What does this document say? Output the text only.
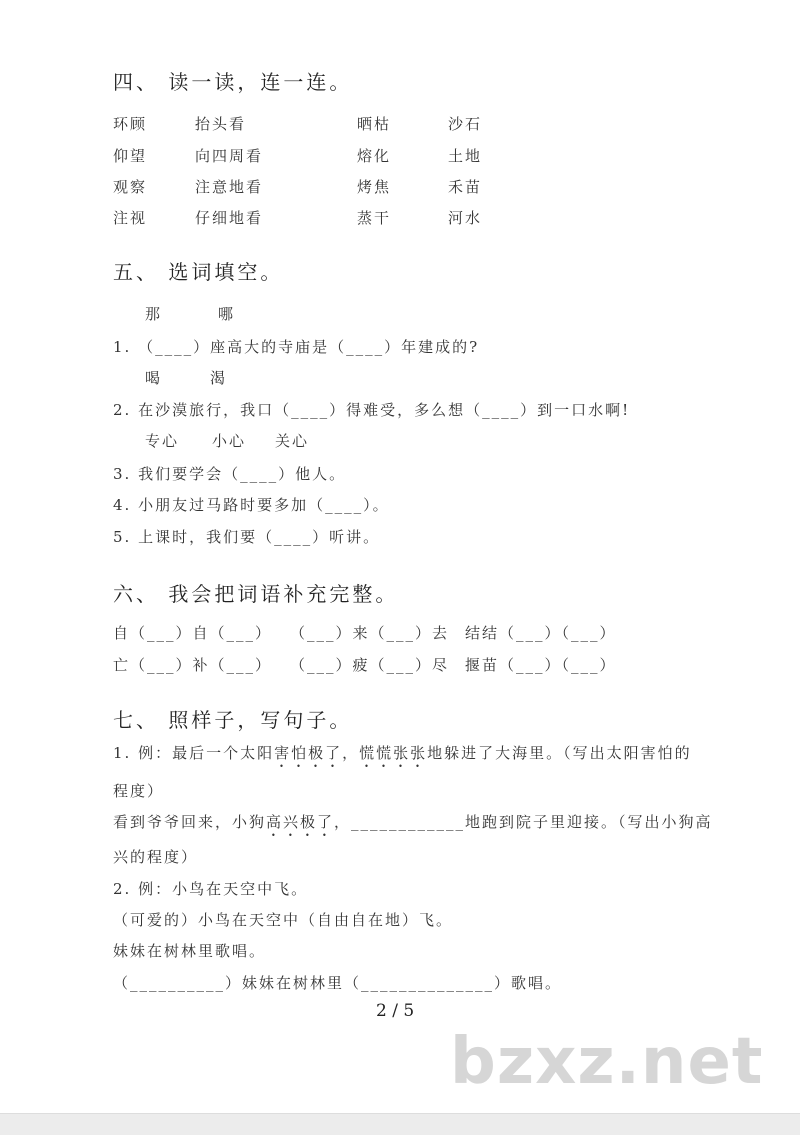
四、 读一读，连一连。
环顾	抬头看	晒枯	沙石
仰望	向四周看	熔化	土地
观察	注意地看	烤焦	禾苗
注视	仔细地看	蒸干	河水
五、 选词填空。
那	哪
1. （____）座高大的寺庙是（____）年建成的?
喝	渴
2. 在沙漠旅行，我口（____）得难受，多么想（____）到一口水啊!
专心 小心 关心
3. 我们要学会（____）他人。
4. 小朋友过马路时要多加（____）。
5. 上课时，我们要（____）听讲。
六、 我会把词语补充完整。
自（___）自（___） （___）来（___）去 结结（___）（___）
亡（___）补（___） （___）疲（___）尽 揠苗（___）（___）
七、 照样子，写句子。
1. 例：最后一个太阳害怕极了，慌慌张张地躲进了大海里。（写出太阳害怕的
程度）
看到爷爷回来，小狗高兴极了，____________地跑到院子里迎接。（写出小狗高
兴的程度）
2. 例：小鸟在天空中飞。
（可爱的）小鸟在天空中（自由自在地）飞。
妹妹在树林里歌唱。
（__________）妹妹在树林里（______________）歌唱。
2 / 5
bzxz.net
